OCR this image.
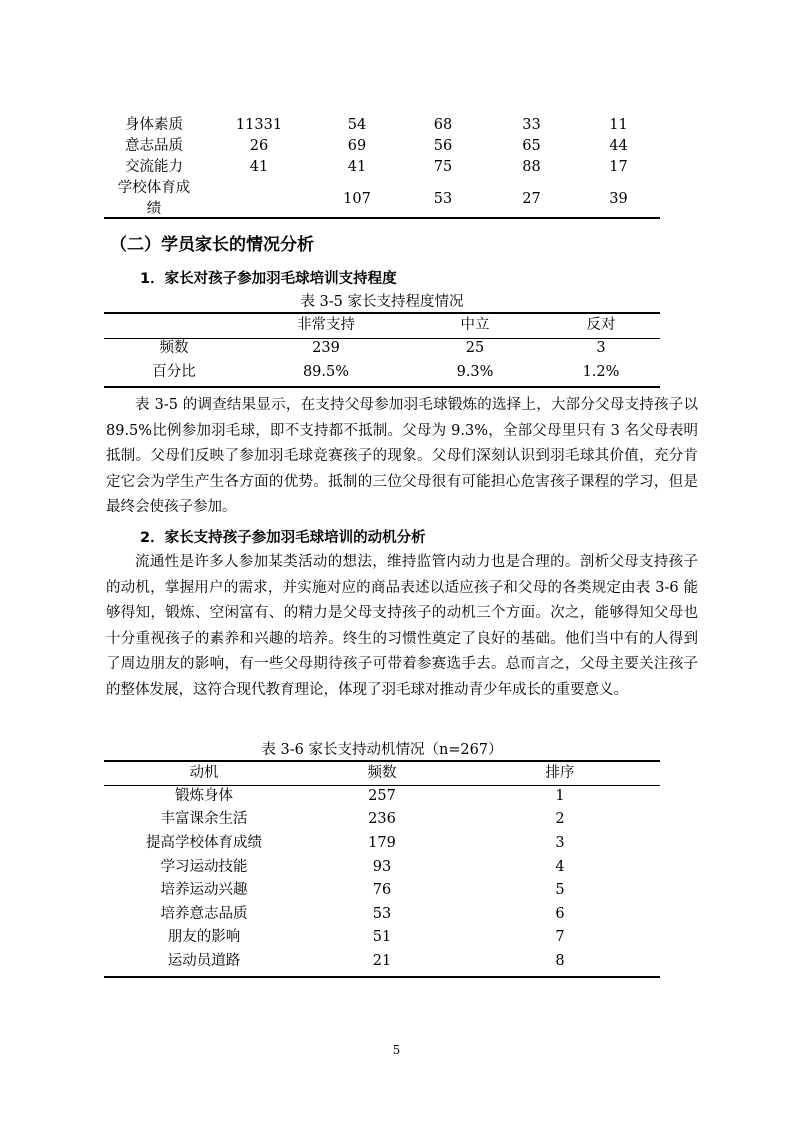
身体素质	11331	54	68	33	11
意志品质	26	69	56	65	44
交流能力	41	41	75	88	17
学校体育成
绩		107	53	27	39
（二）学员家长的情况分析
1．家长对孩子参加羽毛球培训支持程度
表 3-5 家长支持程度情况
	非常支持	中立	反对
频数	239	25	3
百分比	89.5%	9.3%	1.2%
表 3-5 的调查结果显示，在支持父母参加羽毛球锻炼的选择上，大部分父母支持孩子以 89.5%比例参加羽毛球，即不支持都不抵制。父母为 9.3%，全部父母里只有 3 名父母表明抵制。父母们反映了参加羽毛球竞赛孩子的现象。父母们深刻认识到羽毛球其价值，充分肯定它会为学生产生各方面的优势。抵制的三位父母很有可能担心危害孩子课程的学习，但是最终会使孩子参加。
2．家长支持孩子参加羽毛球培训的动机分析
流通性是许多人参加某类活动的想法，维持监管内动力也是合理的。剖析父母支持孩子的动机，掌握用户的需求，并实施对应的商品表述以适应孩子和父母的各类规定由表 3-6 能够得知，锻炼、空闲富有、的精力是父母支持孩子的动机三个方面。次之，能够得知父母也十分重视孩子的素养和兴趣的培养。终生的习惯性奠定了良好的基础。他们当中有的人得到了周边朋友的影响，有一些父母期待孩子可带着参赛选手去。总而言之，父母主要关注孩子的整体发展，这符合现代教育理论，体现了羽毛球对推动青少年成长的重要意义。
表 3-6 家长支持动机情况（n=267）
动机	频数	排序
锻炼身体	257	1
丰富课余生活	236	2
提高学校体育成绩	179	3
学习运动技能	93	4
培养运动兴趣	76	5
培养意志品质	53	6
朋友的影响	51	7
运动员道路	21	8
5
